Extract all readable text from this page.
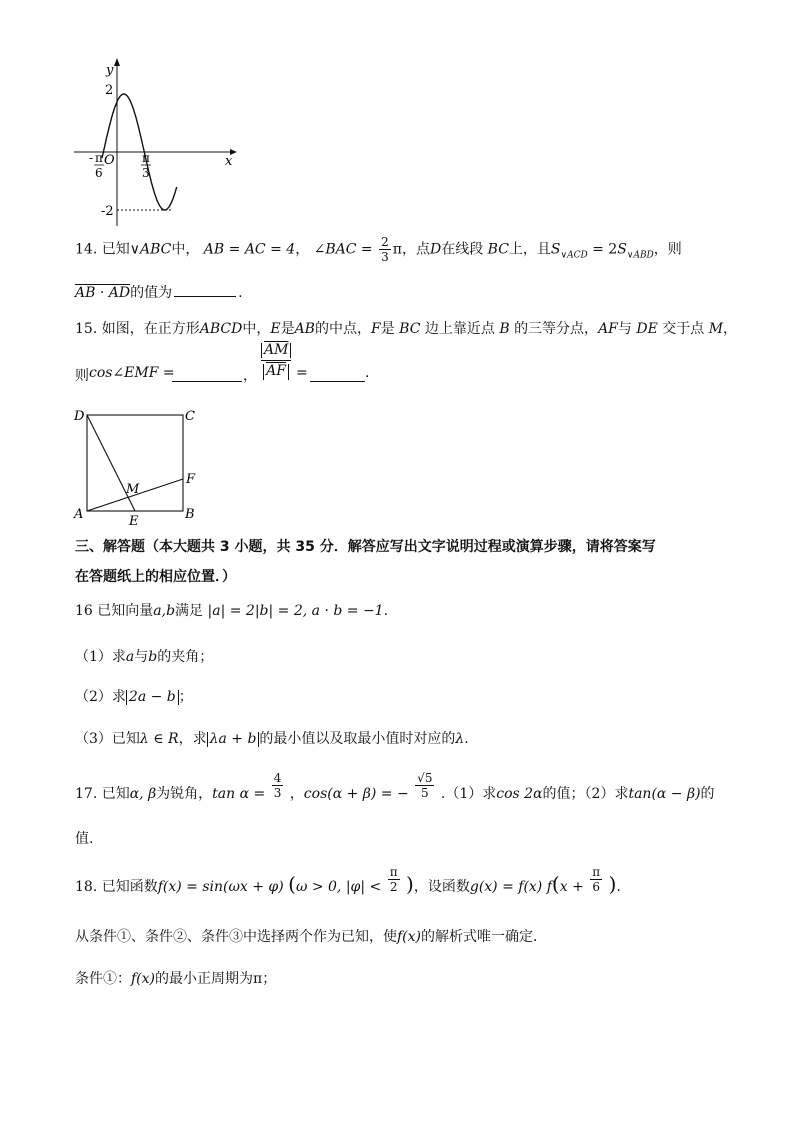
y
x
O
2
-2
- π
6
π
3
14. 已知∨ABC中， AB = AC = 4， ∠BAC = $\frac{2}{3}$ π，点D在线段 BC上，且$S_{\vee ACD} = 2S_{\vee ABD}$，则
AB · AD的值为	.
15. 如图，在正方形ABCD中，E是AB的中点，F是 BC 边上靠近点 B 的三等分点，AF与 DE 交于点 M，
则 cos∠EMF =	，
$\overline{AM}$
$\overline{AF}$ =	.
D	C
F
M
A	E	B
三、解答题（本大题共 3 小题，共 35 分．解答应写出文字说明过程或演算步骤，请将答案写
在答题纸上的相应位置．）
16 已知向量a,b满足 |a| = 2|b| = 2, a · b = −1.
（1）求a与b的夹角；
（2）求 2a − b ；
（3）已知λ ∈ R，求 λa + b 的最小值以及取最小值时对应的λ.
17. 已知α, β为锐角，$\tan \alpha = \frac{4}{3}$ ，cos(α + β) = − $\frac{√5}{5} .(1)$求cos 2α的值；（2）求tan(α − β)的
值.
18. 已知函数f(x) = sin(ωx + φ) (ω > 0, $|\varphi| < \frac{\pi}{2}$ )，设函数g(x) = f(x) $f(x + \frac{\pi}{6}$ ).
从条件①、条件②、条件③中选择两个作为已知，使f(x)的解析式唯一确定．
条件①：f(x)的最小正周期为π；
